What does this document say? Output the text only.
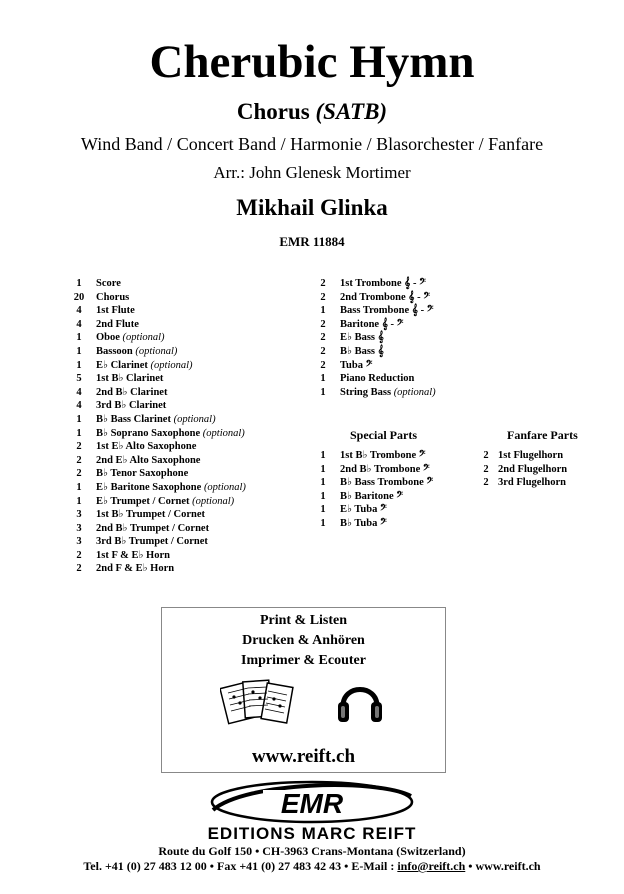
Cherubic Hymn
Chorus (SATB)
Wind Band / Concert Band / Harmonie / Blasorchester / Fanfare
Arr.: John Glenesk Mortimer
Mikhail Glinka
EMR 11884
1	Score
20	Chorus
4	1st Flute
4	2nd Flute
1	Oboe (optional)
1	Bassoon (optional)
1	E♭ Clarinet (optional)
5	1st B♭ Clarinet
4	2nd B♭ Clarinet
4	3rd B♭ Clarinet
1	B♭ Bass Clarinet (optional)
1	B♭ Soprano Saxophone (optional)
2	1st E♭ Alto Saxophone
2	2nd E♭ Alto Saxophone
2	B♭ Tenor Saxophone
1	E♭ Baritone Saxophone (optional)
1	E♭ Trumpet / Cornet (optional)
3	1st B♭ Trumpet / Cornet
3	2nd B♭ Trumpet / Cornet
3	3rd B♭ Trumpet / Cornet
2	1st F & E♭ Horn
2	2nd F & E♭ Horn
2	1st Trombone 𝄞 - 𝄢
2	2nd Trombone 𝄞 - 𝄢
1	Bass Trombone 𝄞 - 𝄢
2	Baritone 𝄞 - 𝄢
2	E♭ Bass 𝄞
2	B♭ Bass 𝄞
2	Tuba 𝄢
1	Piano Reduction
1	String Bass (optional)
Special Parts
1	1st B♭ Trombone 𝄢
1	2nd B♭ Trombone 𝄢
1	B♭ Bass Trombone 𝄢
1	B♭ Baritone 𝄢
1	E♭ Tuba 𝄢
1	B♭ Tuba 𝄢
Fanfare Parts
2 1st Flugelhorn
2 2nd Flugelhorn
2 3rd Flugelhorn
Print & Listen
Drucken & Anhören
Imprimer & Ecouter
www.reift.ch
EMR
EDITIONS MARC REIFT
Route du Golf 150 • CH-3963 Crans-Montana (Switzerland)
Tel. +41 (0) 27 483 12 00 • Fax +41 (0) 27 483 42 43 • E-Mail : info@reift.ch • www.reift.ch
